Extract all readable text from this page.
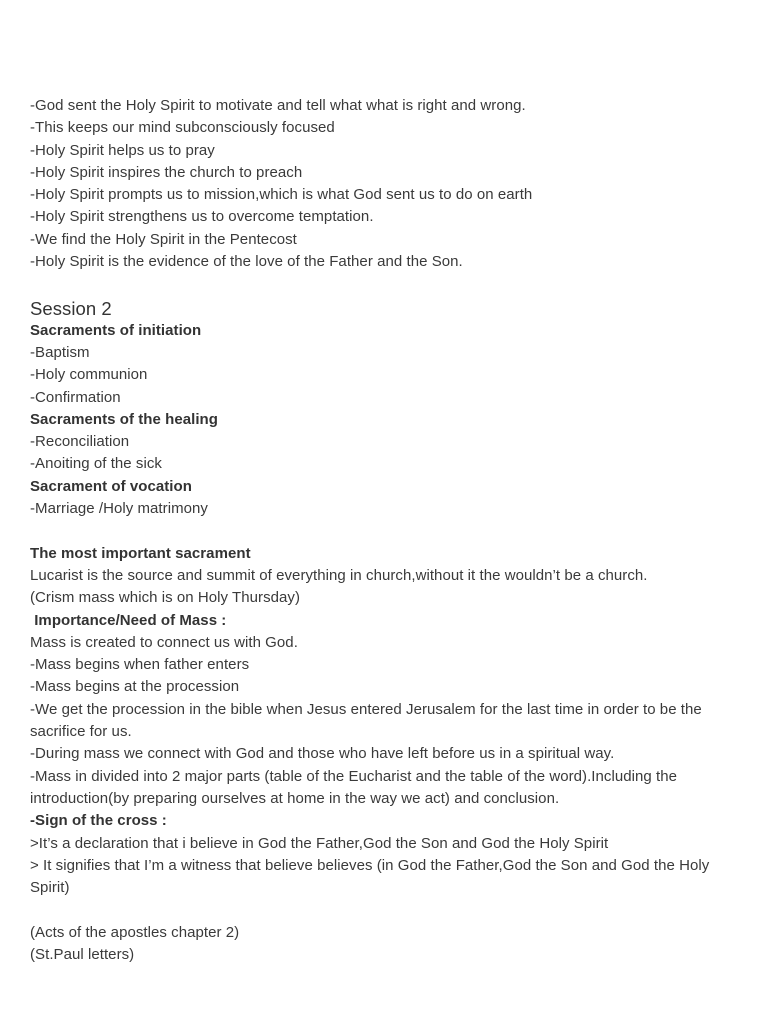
-God sent the Holy Spirit to motivate and tell what what is right and wrong.
-This keeps our mind subconsciously focused
-Holy Spirit helps us to pray
-Holy Spirit inspires the church to preach
-Holy Spirit prompts us to mission,which is what God sent us to do on earth
-Holy Spirit strengthens us to overcome temptation.
-We find the Holy Spirit in the Pentecost
-Holy Spirit is the evidence of the love of the Father and the Son.
Session 2
Sacraments of initiation
-Baptism
-Holy communion
-Confirmation
Sacraments of the healing
-Reconciliation
-Anoiting of the sick
Sacrament of vocation
-Marriage /Holy matrimony
The most important sacrament
Lucarist is the source and summit of everything in church,without it the wouldn’t be a church.
(Crism mass which is on Holy Thursday)
Importance/Need of Mass :
Mass is created to connect us with God.
-Mass begins when father enters
-Mass begins at the procession
-We get the procession in the bible when Jesus entered Jerusalem for the last time in order to be the sacrifice for us.
-During mass we connect with God and those who have left before us in a spiritual way.
-Mass in divided into 2 major parts (table of the Eucharist and the table of the word).Including the introduction(by preparing ourselves at home in the way we act) and conclusion.
-Sign of the cross :
>It’s a declaration that i believe in God the Father,God the Son and God the Holy Spirit
> It signifies that I’m a witness that believe believes (in God the Father,God the Son and God the Holy Spirit)
(Acts of the apostles chapter 2)
(St.Paul letters)
